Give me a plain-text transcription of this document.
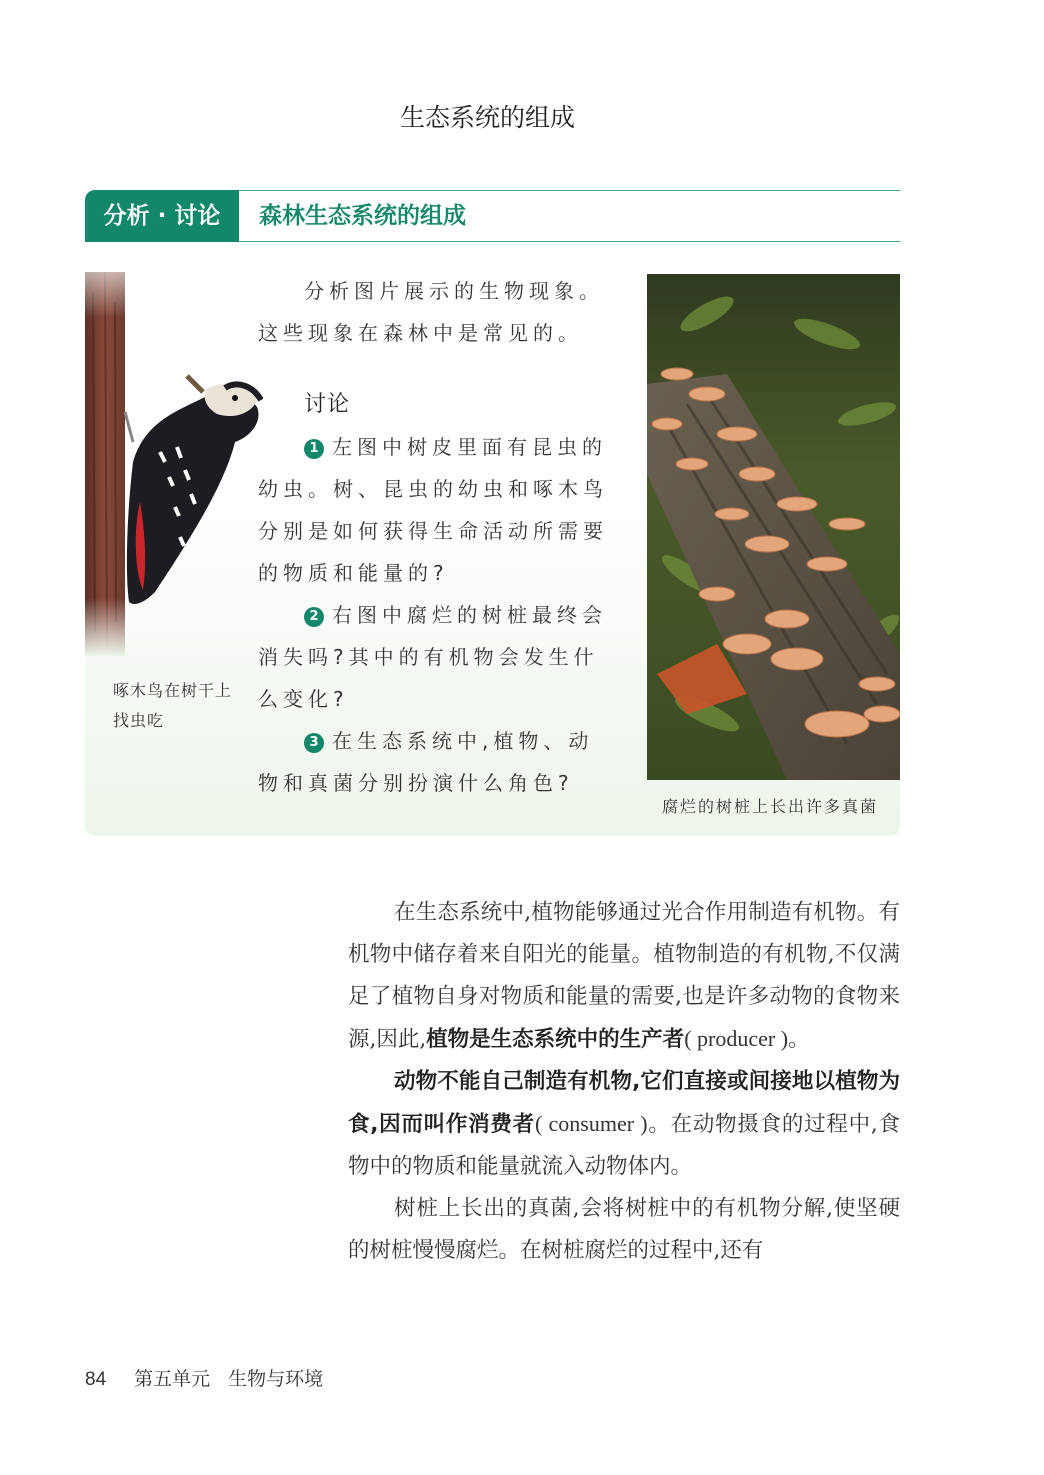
生态系统的组成
分析 · 讨论	森林生态系统的组成
啄木鸟在树干上找虫吃

分析图片展示的生物现象。这些现象在森林中是常见的。

讨论

1 左图中树皮里面有昆虫的幼虫。树、昆虫的幼虫和啄木鸟分别是如何获得生命活动所需要的物质和能量的?

2 右图中腐烂的树桩最终会消失吗?其中的有机物会发生什么变化?

3 在生态系统中,植物、动物和真菌分别扮演什么角色?

腐烂的树桩上长出许多真菌

在生态系统中,植物能够通过光合作用制造有机物。有机物中储存着来自阳光的能量。植物制造的有机物,不仅满足了植物自身对物质和能量的需要,也是许多动物的食物来源,因此,植物是生态系统中的生产者( producer )。

动物不能自己制造有机物,它们直接或间接地以植物为食,因而叫作消费者( consumer )。在动物摄食的过程中,食物中的物质和能量就流入动物体内。

树桩上长出的真菌,会将树桩中的有机物分解,使坚硬的树桩慢慢腐烂。在树桩腐烂的过程中,还有

84 第五单元 生物与环境
